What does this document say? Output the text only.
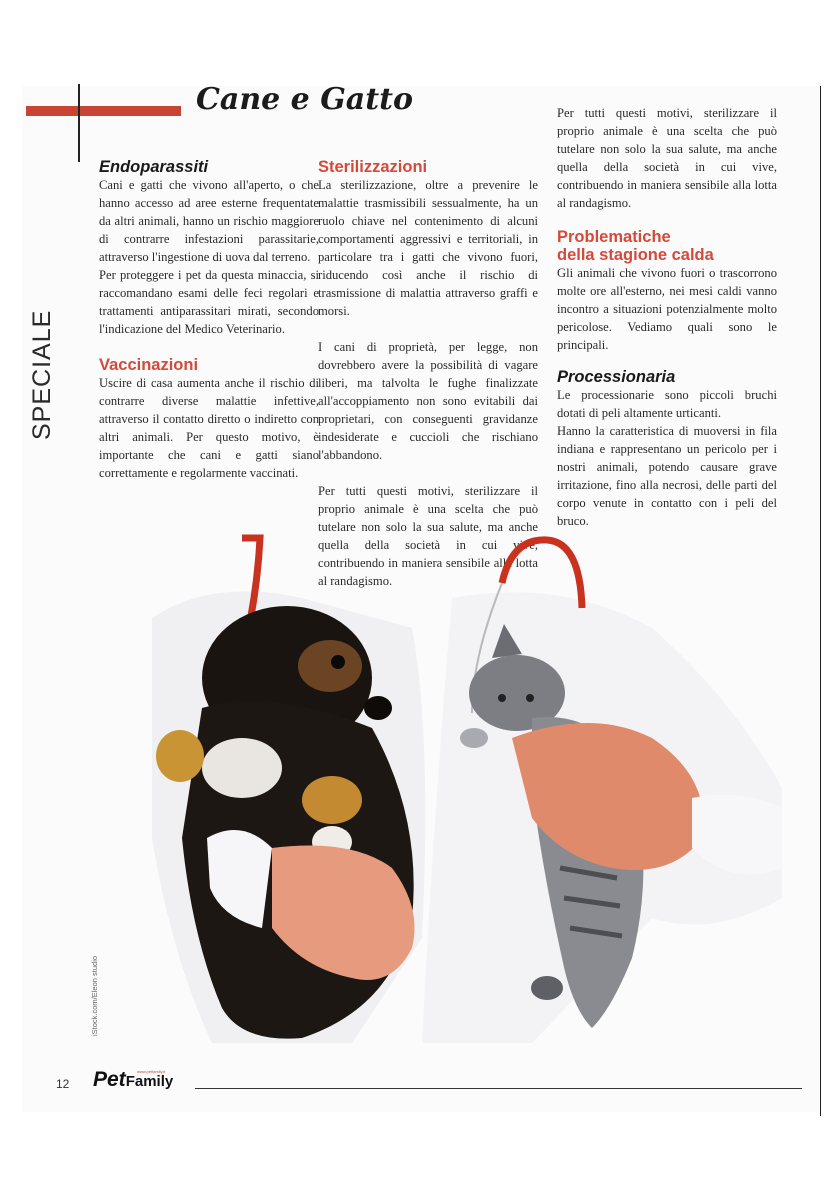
Cane e Gatto
SPECIALE
Endoparassiti

Cani e gatti che vivono all'aperto, o che hanno accesso ad aree esterne frequentate da altri animali, hanno un rischio maggiore di contrarre infestazioni parassitarie, attraverso l'ingestione di uova dal terreno.

Per proteggere i pet da questa minaccia, si raccomandano esami delle feci regolari e trattamenti antiparassitari mirati, secondo l'indicazione del Medico Veterinario.

Vaccinazioni

Uscire di casa aumenta anche il rischio di contrarre diverse malattie infettive, attraverso il contatto diretto o indiretto con altri animali. Per questo motivo, è importante che cani e gatti siano correttamente e regolarmente vaccinati.

Sterilizzazioni

La sterilizzazione, oltre a prevenire le malattie trasmissibili sessualmente, ha un ruolo chiave nel contenimento di alcuni comportamenti aggressivi e territoriali, in particolare tra i gatti che vivono fuori, riducendo così anche il rischio di trasmissione di malattia attraverso graffi e morsi.

I cani di proprietà, per legge, non dovrebbero avere la possibilità di vagare liberi, ma talvolta le fughe finalizzate all'accoppiamento non sono evitabili dai proprietari, con conseguenti gravidanze indesiderate e cuccioli che rischiano l'abbandono.

Per tutti questi motivi, sterilizzare il proprio animale è una scelta che può tutelare non solo la sua salute, ma anche quella della società in cui vive, contribuendo in maniera sensibile alla lotta al randagismo.

Per tutti questi motivi, sterilizzare il proprio animale è una scelta che può tutelare non solo la sua salute, ma anche quella della società in cui vive, contribuendo in maniera sensibile alla lotta al randagismo.

Problematiche
della stagione calda

Gli animali che vivono fuori o trascorrono molte ore all'esterno, nei mesi caldi vanno incontro a situazioni potenzialmente molto pericolose. Vediamo quali sono le principali.

Processionaria

Le processionarie sono piccoli bruchi dotati di peli altamente urticanti.

Hanno la caratteristica di muoversi in fila indiana e rappresentano un pericolo per i nostri animali, potendo causare grave irritazione, fino alla necrosi, delle parti del corpo venute in contatto con i peli del bruco.

iStock.com/Eleon studio
12 PetFamily
www.petfamily.it
